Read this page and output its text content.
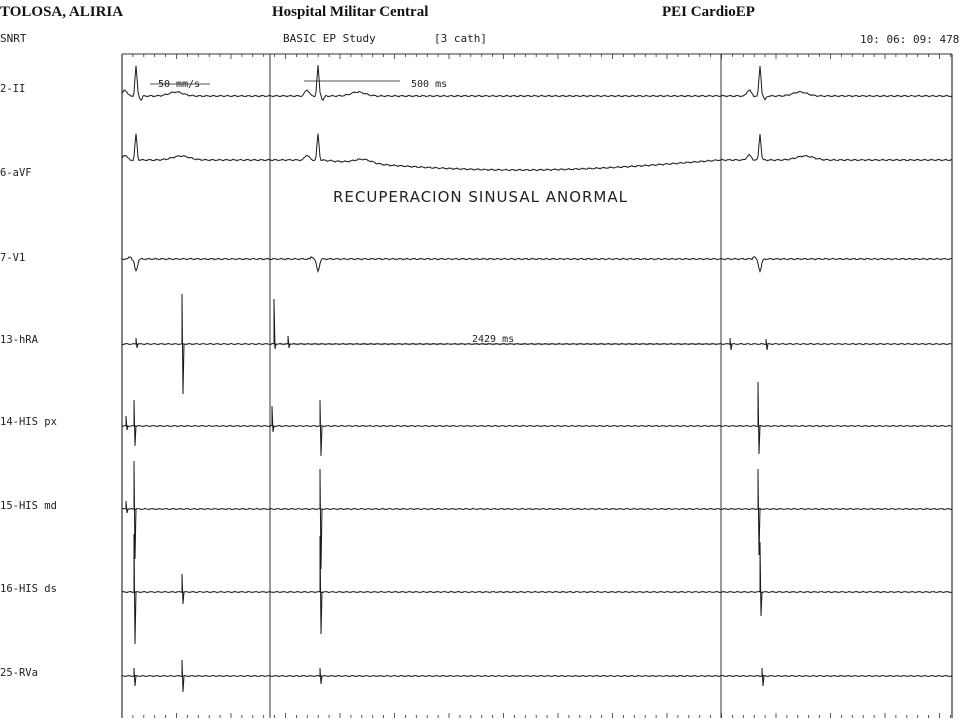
TOLOSA, ALIRIA	Hospital Militar Central	PEI CardioEP
SNRT	BASIC EP Study	[3 cath]	10: 06: 09: 478
2-II
6-aVF
7-V1
13-hRA
14-HIS px
15-HIS md
16-HIS ds
25-RVa
50 mm/s	500 ms
2429 ms
RECUPERACION SINUSAL ANORMAL
